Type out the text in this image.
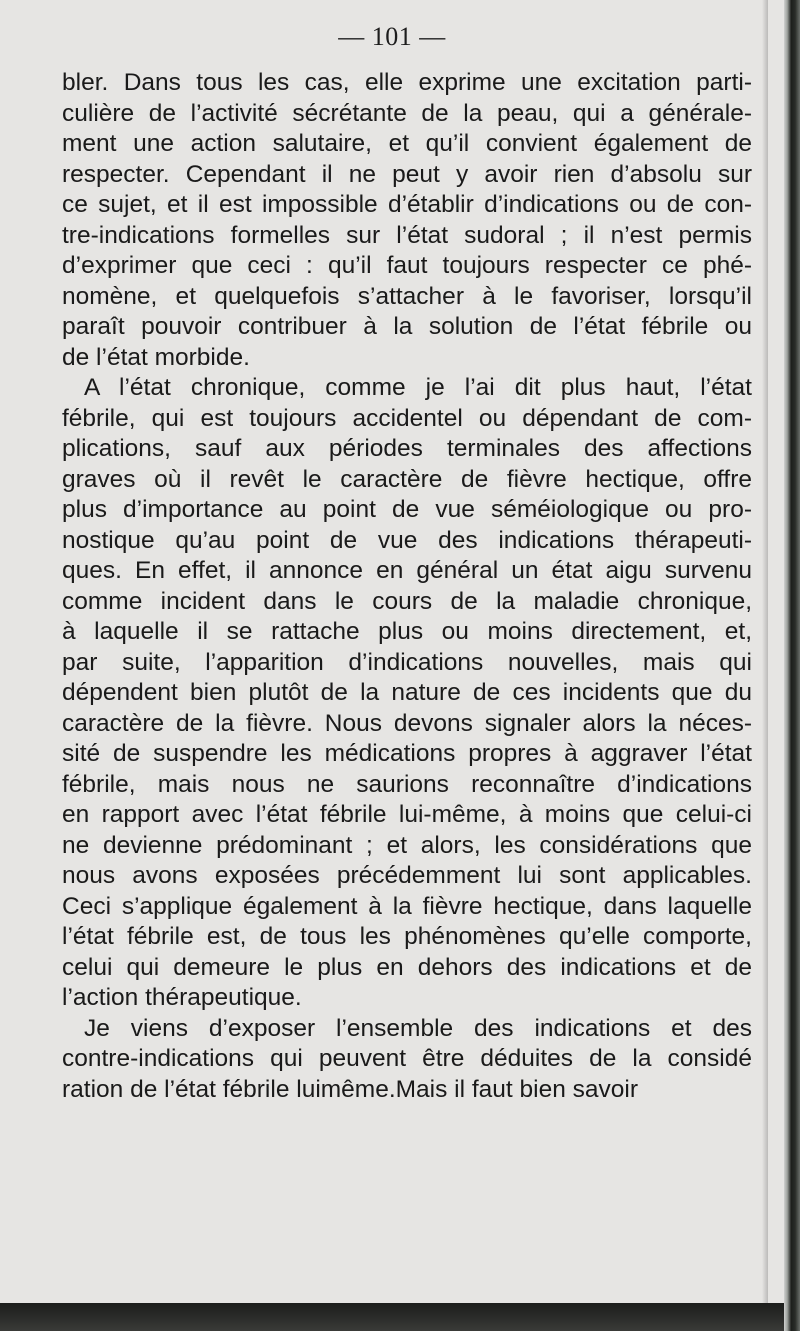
— 101 —
bler. Dans tous les cas, elle exprime une excitation parti-
culière de l’activité sécrétante de la peau, qui a générale-
ment une action salutaire, et qu’il convient également de
respecter. Cependant il ne peut y avoir rien d’absolu sur
ce sujet, et il est impossible d’établir d’indications ou de con-
tre-indications formelles sur l’état sudoral ; il n’est permis
d’exprimer que ceci : qu’il faut toujours respecter ce phé-
nomène, et quelquefois s’attacher à le favoriser, lorsqu’il
paraît pouvoir contribuer à la solution de l’état fébrile ou
de l’état morbide.
A l’état chronique, comme je l’ai dit plus haut, l’état
fébrile, qui est toujours accidentel ou dépendant de com-
plications, sauf aux périodes terminales des affections
graves où il revêt le caractère de fièvre hectique, offre
plus d’importance au point de vue séméiologique ou pro-
nostique qu’au point de vue des indications thérapeuti-
ques. En effet, il annonce en général un état aigu survenu
comme incident dans le cours de la maladie chronique,
à laquelle il se rattache plus ou moins directement, et,
par suite, l’apparition d’indications nouvelles, mais qui
dépendent bien plutôt de la nature de ces incidents que du
caractère de la fièvre. Nous devons signaler alors la néces-
sité de suspendre les médications propres à aggraver l’état
fébrile, mais nous ne saurions reconnaître d’indications
en rapport avec l’état fébrile lui-même, à moins que celui-ci
ne devienne prédominant ; et alors, les considérations que
nous avons exposées précédemment lui sont applicables.
Ceci s’applique également à la fièvre hectique, dans laquelle
l’état fébrile est, de tous les phénomènes qu’elle comporte,
celui qui demeure le plus en dehors des indications et de
l’action thérapeutique.
Je viens d’exposer l’ensemble des indications et des
contre-indications qui peuvent être déduites de la considé
ration de l’état fébrile luimême.Mais il faut bien savoir
